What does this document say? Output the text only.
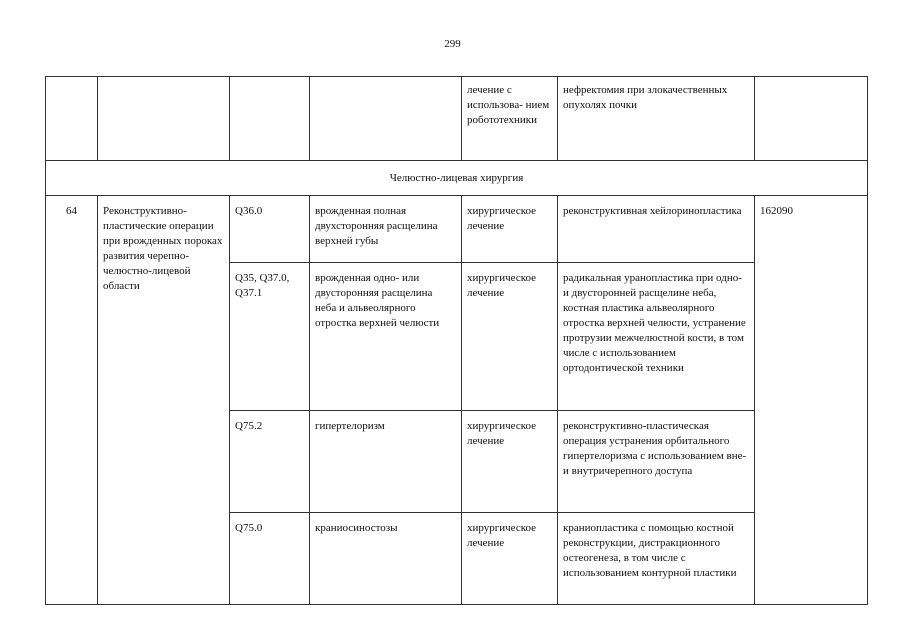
299
				лечение с использова- нием робототехники	нефректомия при злокачественных опухолях почки	
Челюстно-лицевая хирургия						
64	Реконструктивно-пластические операции при врожденных пороках развития черепно-челюстно-лицевой области	Q36.0	врожденная полная двухсторонняя расщелина верхней губы	хирургическое лечение	реконструктивная хейлоринопластика	162090
		Q35, Q37.0, Q37.1	врожденная одно- или двусторонняя расщелина неба и альвеолярного отростка верхней челюсти	хирургическое лечение	радикальная уранопластика при одно- и двусторонней расщелине неба, костная пластика альвеолярного отростка верхней челюсти, устранение протрузии межчелюстной кости, в том числе с использованием ортодонтической техники	
		Q75.2	гипертелоризм	хирургическое лечение	реконструктивно-пластическая операция устранения орбитального гипертелоризма с использованием вне- и внутричерепного доступа	
		Q75.0	краниосиностозы	хирургическое лечение	краниопластика с помощью костной реконструкции, дистракционного остеогенеза, в том числе с использованием контурной пластики	
